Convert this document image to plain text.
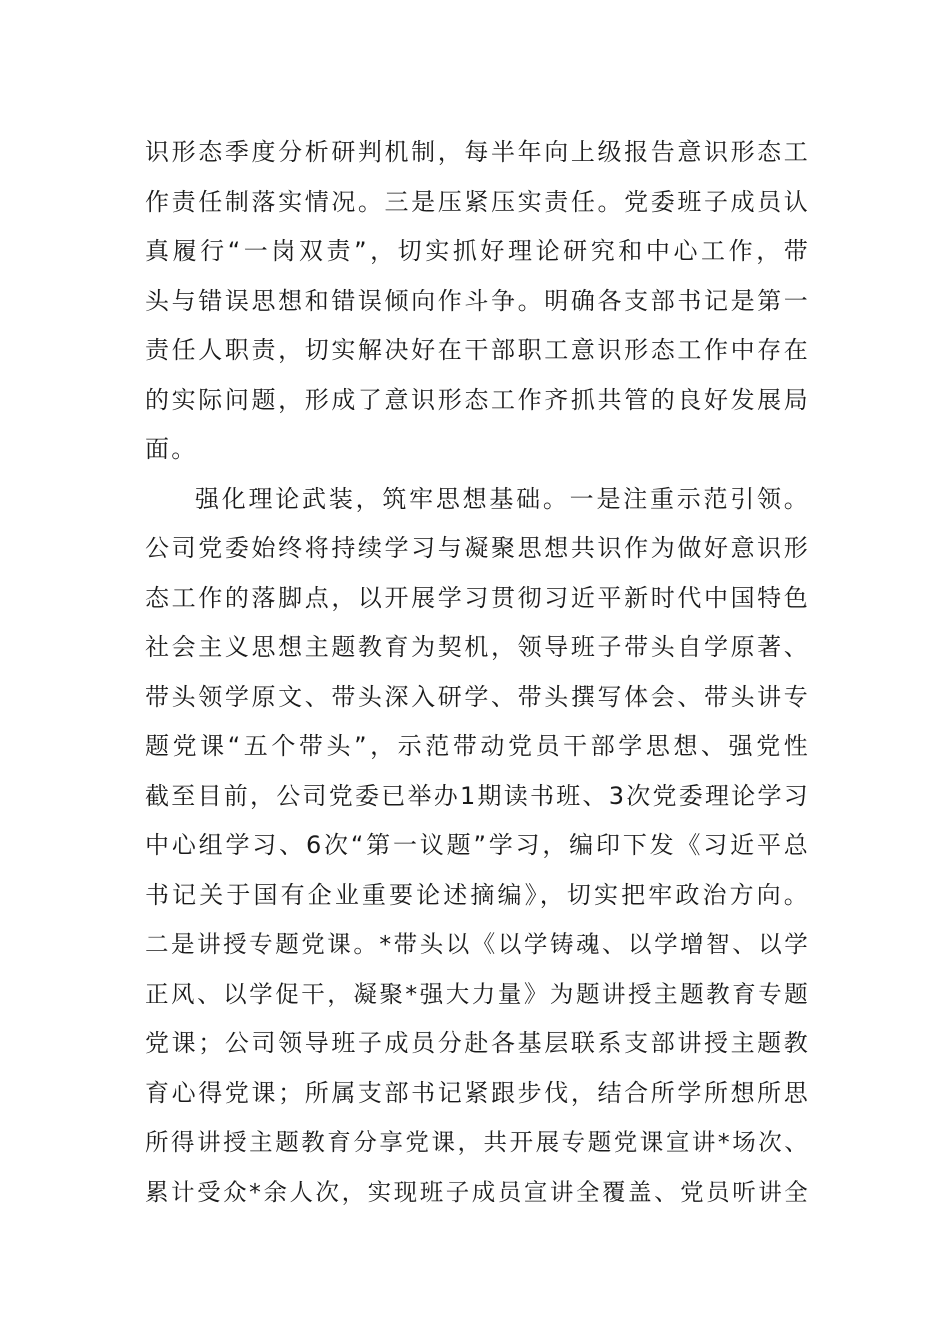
识形态季度分析研判机制，每半年向上级报告意识形态工
作责任制落实情况。三是压紧压实责任。党委班子成员认
真履行“一岗双责”，切实抓好理论研究和中心工作，带
头与错误思想和错误倾向作斗争。明确各支部书记是第一
责任人职责，切实解决好在干部职工意识形态工作中存在
的实际问题，形成了意识形态工作齐抓共管的良好发展局
面。
强化理论武装，筑牢思想基础。一是注重示范引领。
公司党委始终将持续学习与凝聚思想共识作为做好意识形
态工作的落脚点，以开展学习贯彻习近平新时代中国特色
社会主义思想主题教育为契机，领导班子带头自学原著、
带头领学原文、带头深入研学、带头撰写体会、带头讲专
题党课“五个带头”，示范带动党员干部学思想、强党性
截至目前，公司党委已举办1期读书班、3次党委理论学习
中心组学习、6次“第一议题”学习，编印下发《习近平总
书记关于国有企业重要论述摘编》，切实把牢政治方向。
二是讲授专题党课。*带头以《以学铸魂、以学增智、以学
正风、以学促干，凝聚*强大力量》为题讲授主题教育专题
党课；公司领导班子成员分赴各基层联系支部讲授主题教
育心得党课；所属支部书记紧跟步伐，结合所学所想所思
所得讲授主题教育分享党课，共开展专题党课宣讲*场次、
累计受众*余人次，实现班子成员宣讲全覆盖、党员听讲全
